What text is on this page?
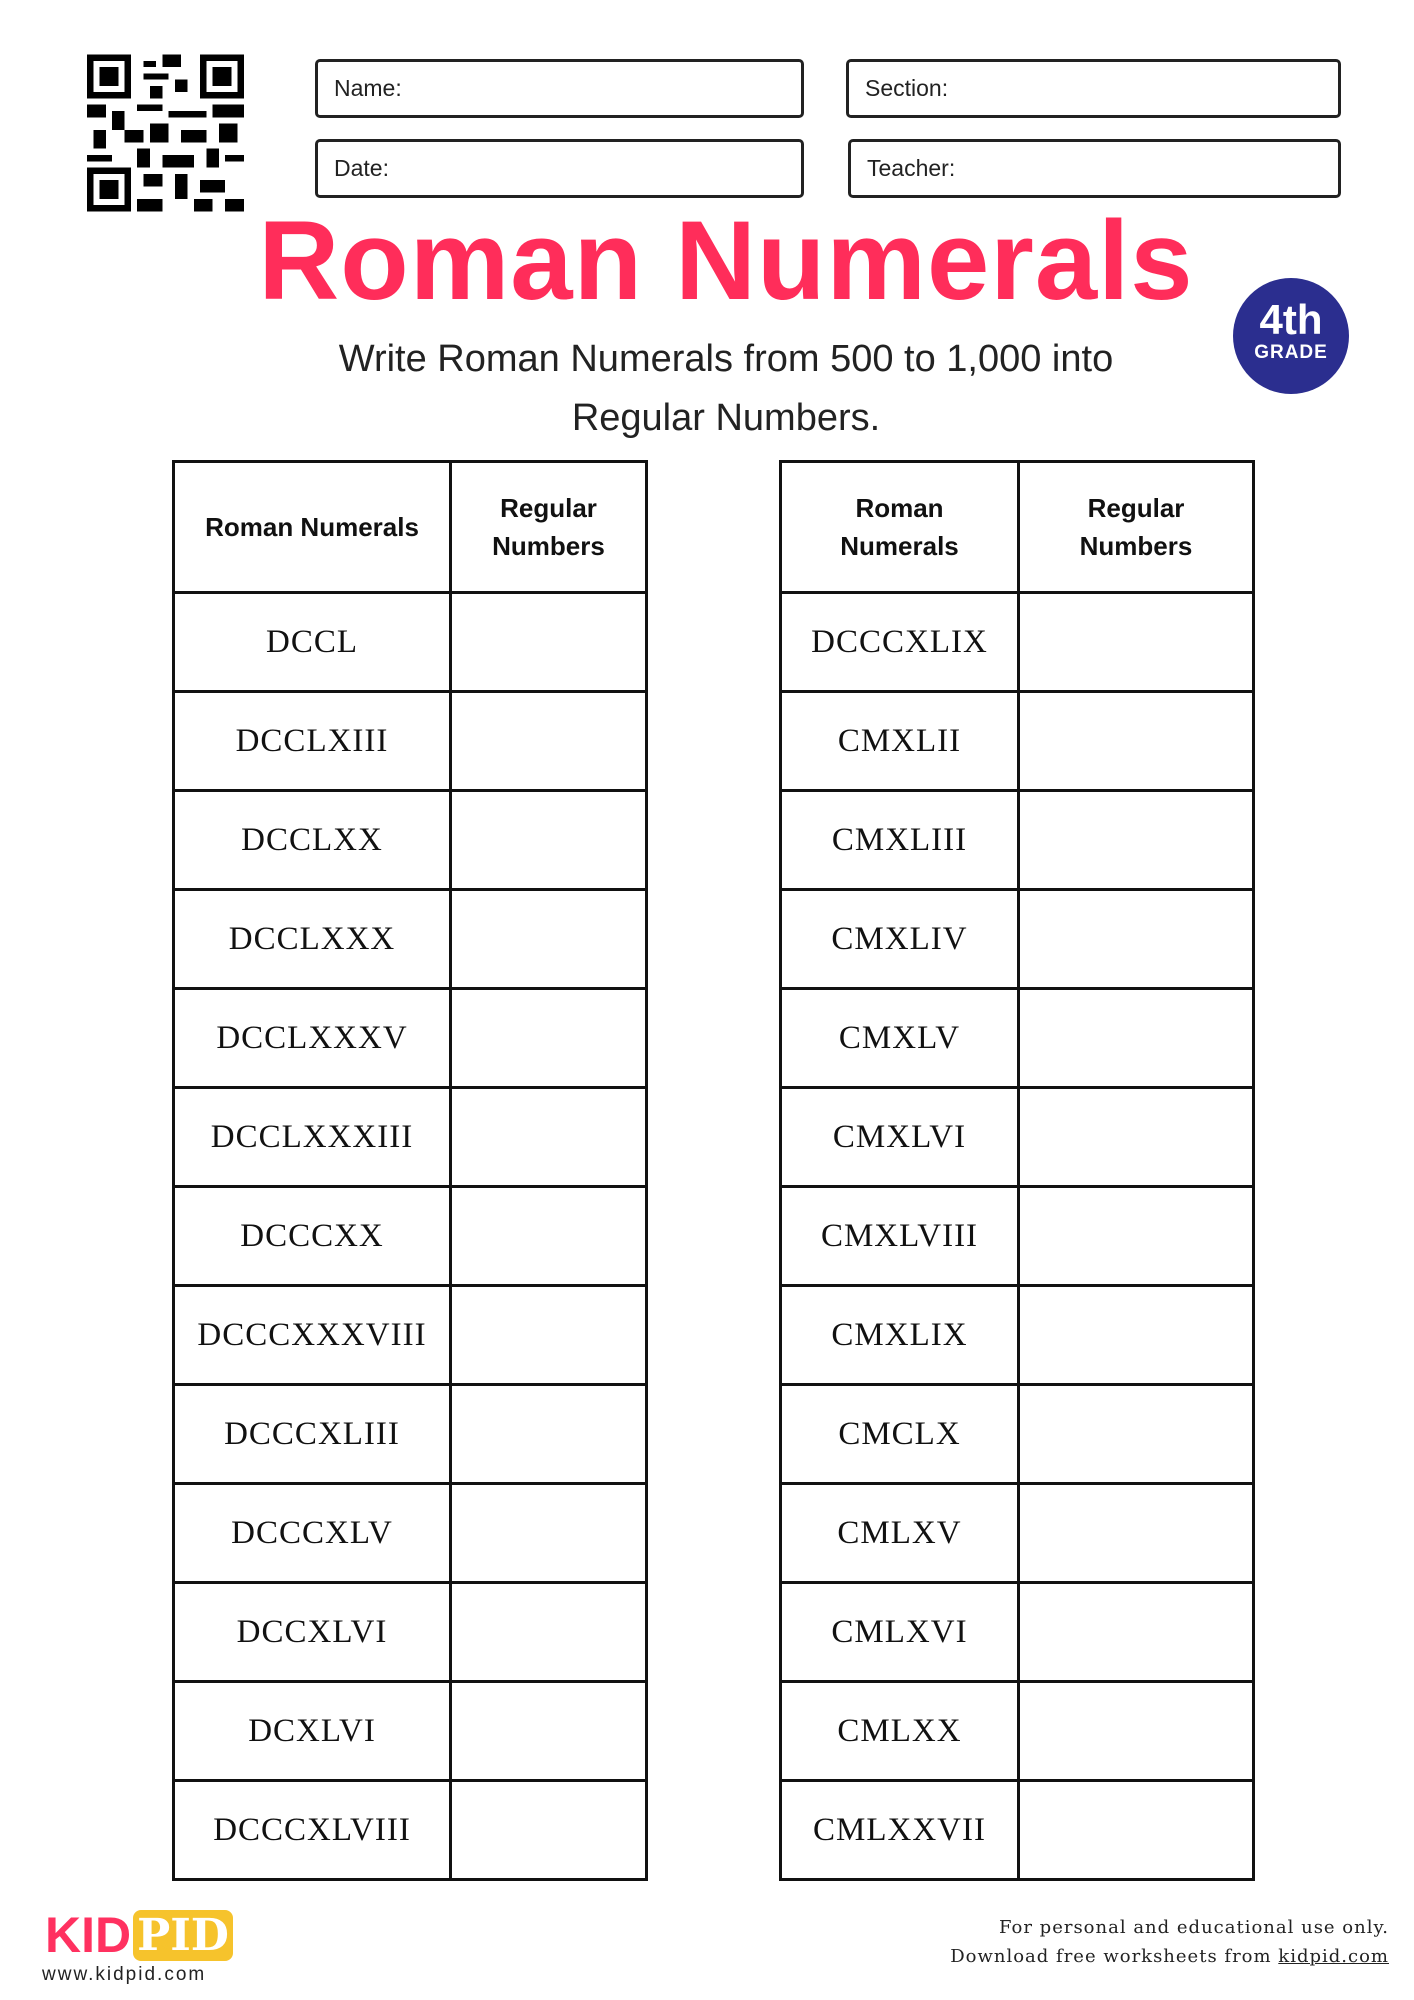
Name:	Section:
Date:	Teacher:
Roman Numerals
Write Roman Numerals from 500 to 1,000 into
Regular Numbers.
4th
GRADE
Roman Numerals	Regular Numbers
DCCL	
DCCLXIII	
DCCLXX	
DCCLXXX	
DCCLXXXV	
DCCLXXXIII	
DCCCXX	
DCCCXXXVIII	
DCCCXLIII	
DCCCXLV	
DCCXLVI	
DCXLVI	
DCCCXLVIII	
Roman Numerals	Regular Numbers
DCCCXLIX	
CMXLII	
CMXLIII	
CMXLIV	
CMXLV	
CMXLVI	
CMXLVIII	
CMXLIX	
CMCLX	
CMLXV	
CMLXVI	
CMLXX	
CMLXXVII	
KID PID
www.kidpid.com
For personal and educational use only.
Download free worksheets from kidpid.com
